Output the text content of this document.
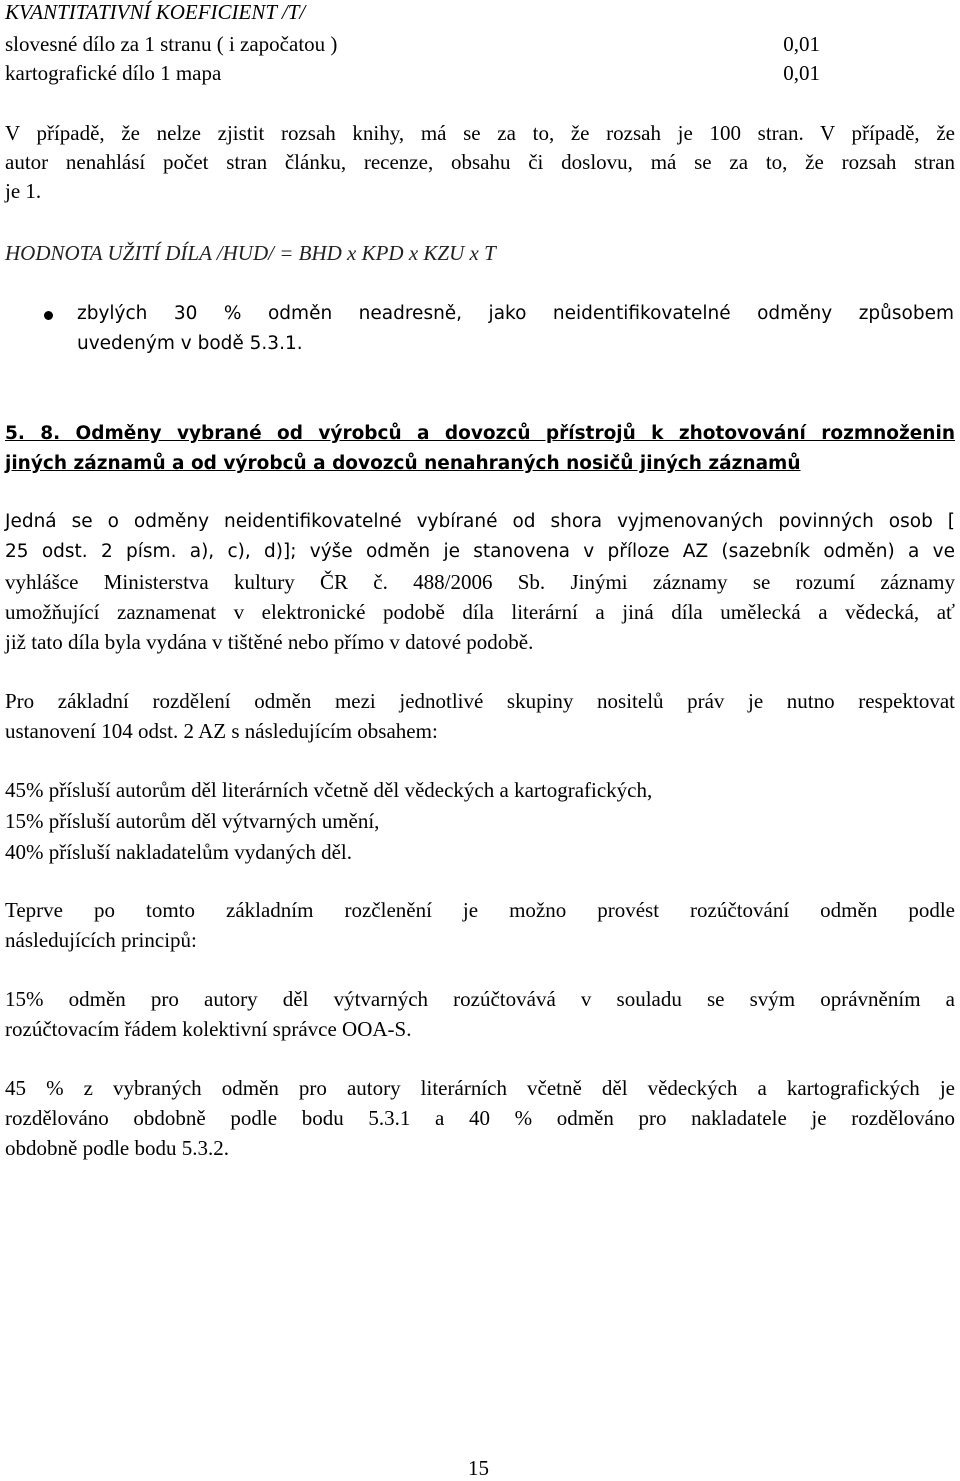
KVANTITATIVNÍ KOEFICIENT /T/
slovesné dílo za 1 stranu ( i započatou )	0,01
kartografické dílo 1 mapa	0,01
V případě, že nelze zjistit rozsah knihy, má se za to, že rozsah je 100 stran. V případě, že
autor nenahlásí počet stran článku, recenze, obsahu či doslovu, má se za to, že rozsah stran
je 1.
HODNOTA UŽITÍ DÍLA /HUD/ = BHD x KPD x KZU x T
zbylých 30 % odměn neadresně, jako neidentifikovatelné odměny způsobem
uvedeným v bodě 5.3.1.
5. 8. Odměny vybrané od výrobců a dovozců přístrojů k zhotovování rozmnoženin
jiných záznamů a od výrobců a dovozců nenahraných nosičů jiných záznamů
Jedná se o odměny neidentifikovatelné vybírané od shora vyjmenovaných povinných osob [
25 odst. 2 písm. a), c), d)]; výše odměn je stanovena v příloze AZ (sazebník odměn) a ve
vyhlášce Ministerstva kultury ČR č. 488/2006 Sb. Jinými záznamy se rozumí záznamy
umožňující zaznamenat v elektronické podobě díla literární a jiná díla umělecká a vědecká, ať
již tato díla byla vydána v tištěné nebo přímo v datové podobě.
Pro základní rozdělení odměn mezi jednotlivé skupiny nositelů práv je nutno respektovat
ustanovení 104 odst. 2 AZ s následujícím obsahem:
45% přísluší autorům děl literárních včetně děl vědeckých a kartografických,
15% přísluší autorům děl výtvarných umění,
40% přísluší nakladatelům vydaných děl.
Teprve po tomto základním rozčlenění je možno provést rozúčtování odměn podle
následujících principů:
15% odměn pro autory děl výtvarných rozúčtovává v souladu se svým oprávněním a
rozúčtovacím řádem kolektivní správce OOA-S.
45 % z vybraných odměn pro autory literárních včetně děl vědeckých a kartografických je
rozdělováno obdobně podle bodu 5.3.1 a 40 % odměn pro nakladatele je rozdělováno
obdobně podle bodu 5.3.2.
15
